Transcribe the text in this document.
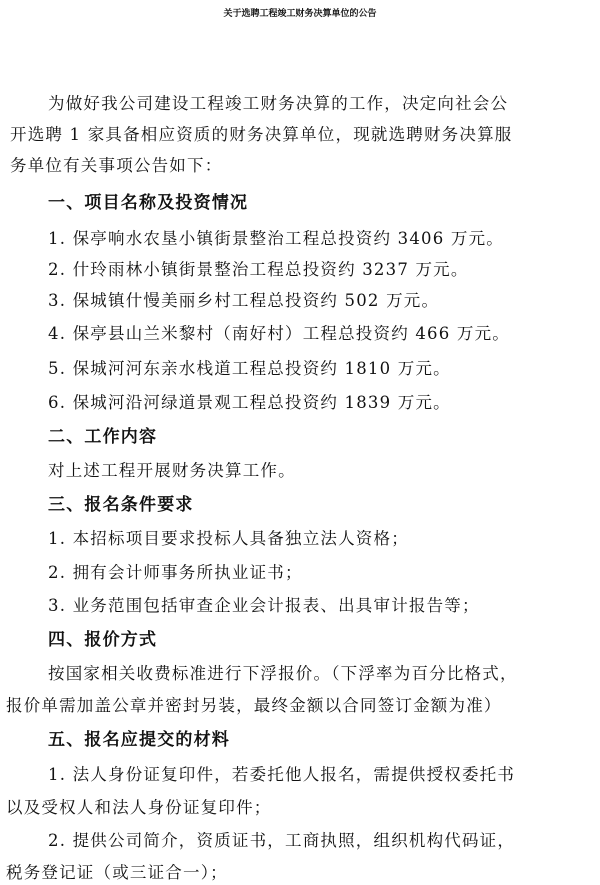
关于选聘工程竣工财务决算单位的公告
为做好我公司建设工程竣工财务决算的工作，决定向社会公
开选聘 1 家具备相应资质的财务决算单位，现就选聘财务决算服
务单位有关事项公告如下：
一、项目名称及投资情况
1. 保亭响水农垦小镇街景整治工程总投资约 3406 万元。
2. 什玲雨林小镇街景整治工程总投资约 3237 万元。
3. 保城镇什慢美丽乡村工程总投资约 502 万元。
4. 保亭县山兰米黎村（南好村）工程总投资约 466 万元。
5. 保城河河东亲水栈道工程总投资约 1810 万元。
6. 保城河沿河绿道景观工程总投资约 1839 万元。
二、工作内容
对上述工程开展财务决算工作。
三、报名条件要求
1. 本招标项目要求投标人具备独立法人资格；
2. 拥有会计师事务所执业证书；
3. 业务范围包括审查企业会计报表、出具审计报告等；
四、报价方式
按国家相关收费标准进行下浮报价。（下浮率为百分比格式，
报价单需加盖公章并密封另装，最终金额以合同签订金额为准）
五、报名应提交的材料
1. 法人身份证复印件，若委托他人报名，需提供授权委托书
以及受权人和法人身份证复印件；
2. 提供公司简介，资质证书，工商执照，组织机构代码证，
税务登记证（或三证合一）；
